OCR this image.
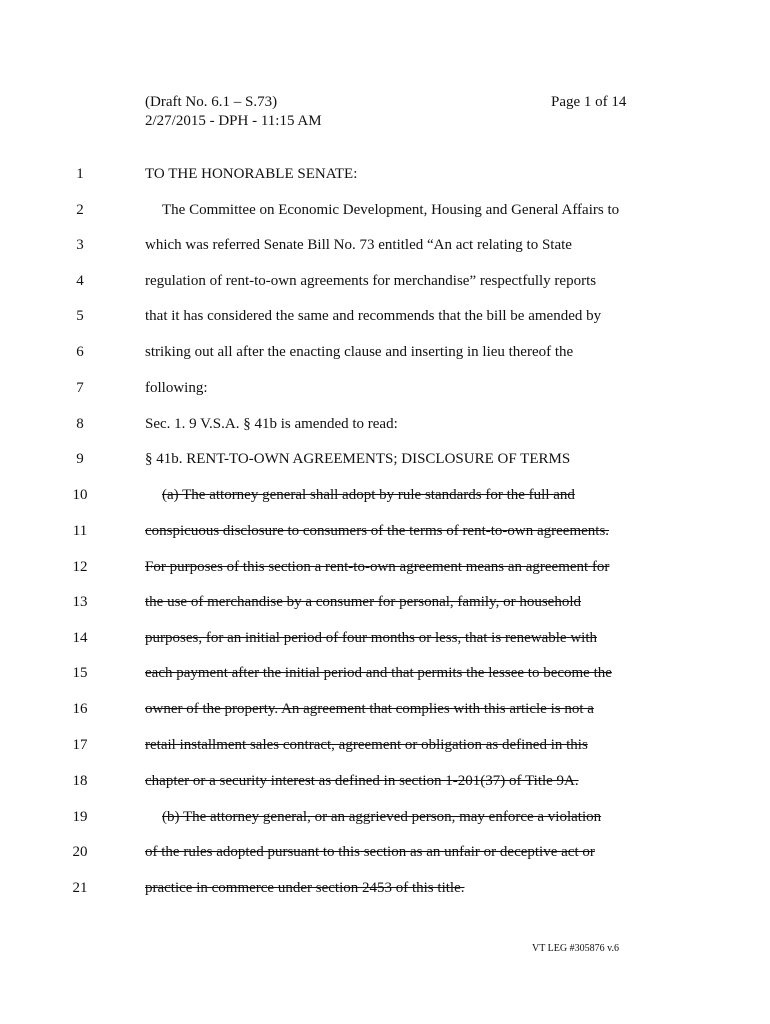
(Draft No. 6.1 – S.73)
2/27/2015 - DPH - 11:15 AM
Page 1 of 14
1	TO THE HONORABLE SENATE:
2	The Committee on Economic Development, Housing and General Affairs to
3	which was referred Senate Bill No. 73 entitled “An act relating to State
4	regulation of rent-to-own agreements for merchandise” respectfully reports
5	that it has considered the same and recommends that the bill be amended by
6	striking out all after the enacting clause and inserting in lieu thereof the
7	following:
8	Sec. 1. 9 V.S.A. § 41b is amended to read:
9	§ 41b. RENT-TO-OWN AGREEMENTS; DISCLOSURE OF TERMS
10	(a) The attorney general shall adopt by rule standards for the full and
11	conspicuous disclosure to consumers of the terms of rent-to-own agreements.
12	For purposes of this section a rent-to-own agreement means an agreement for
13	the use of merchandise by a consumer for personal, family, or household
14	purposes, for an initial period of four months or less, that is renewable with
15	each payment after the initial period and that permits the lessee to become the
16	owner of the property. An agreement that complies with this article is not a
17	retail installment sales contract, agreement or obligation as defined in this
18	chapter or a security interest as defined in section 1-201(37) of Title 9A.
19	(b) The attorney general, or an aggrieved person, may enforce a violation
20	of the rules adopted pursuant to this section as an unfair or deceptive act or
21	practice in commerce under section 2453 of this title.
VT LEG #305876 v.6
